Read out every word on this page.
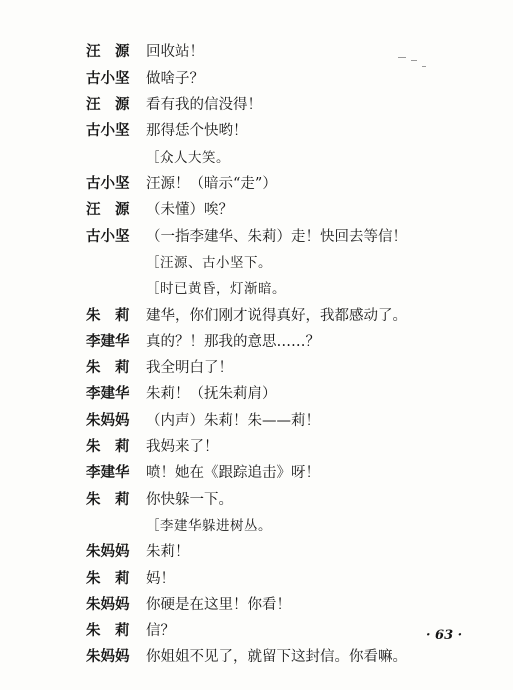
汪　源	回收站！
古小坚	做啥子？
汪　源	看有我的信没得！
古小坚	那得恁个快哟！
［众人大笑。
古小坚	汪源！（暗示“走”）
汪　源	（未懂）唉？
古小坚	（一指李建华、朱莉）走！快回去等信！
［汪源、古小坚下。
［时已黄昏，灯渐暗。
朱　莉	建华，你们刚才说得真好，我都感动了。
李建华	真的？！那我的意思……？
朱　莉	我全明白了！
李建华	朱莉！（抚朱莉肩）
朱妈妈	（内声）朱莉！朱——莉！
朱　莉	我妈来了！
李建华	喷！她在《跟踪追击》呀！
朱　莉	你快躲一下。
［李建华躲进树丛。
朱妈妈	朱莉！
朱　莉	妈！
朱妈妈	你硬是在这里！你看！
朱　莉	信？
朱妈妈	你姐姐不见了，就留下这封信。你看嘛。
· 63 ·
